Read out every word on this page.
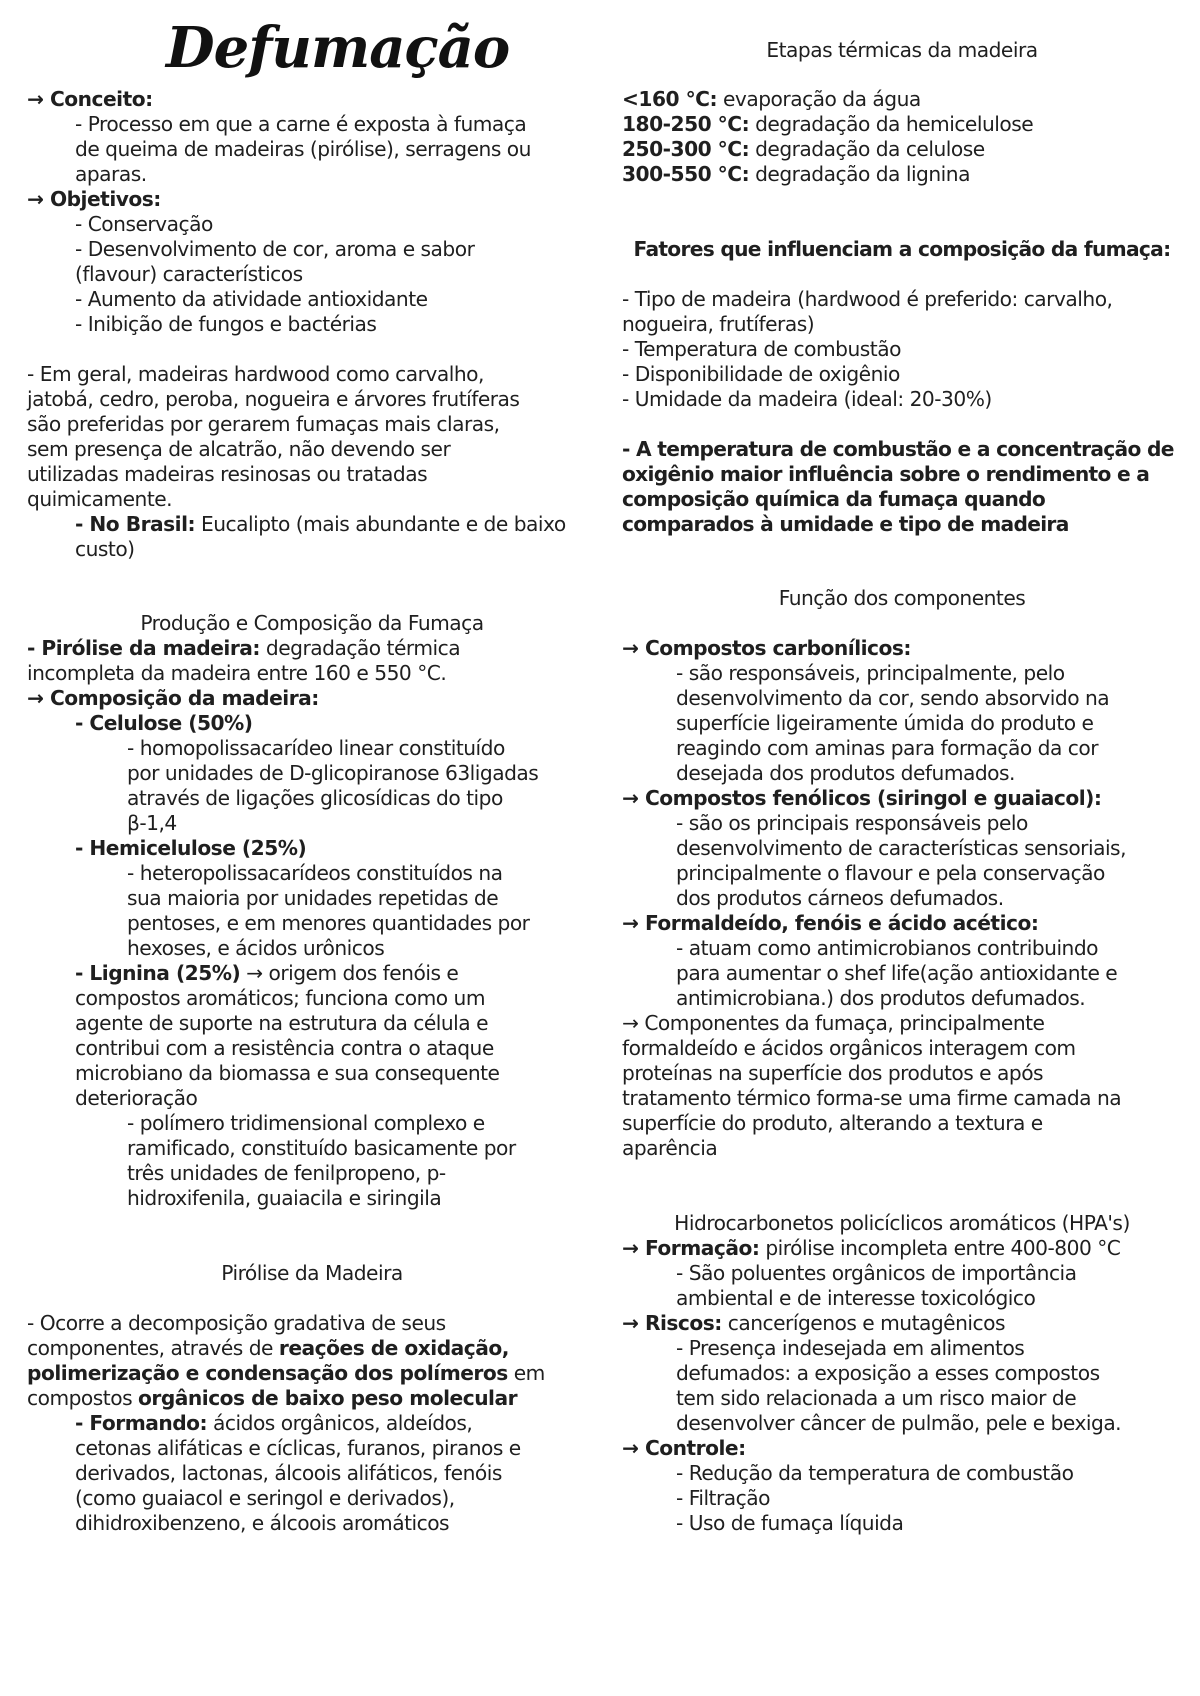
Defumação
→ Conceito:
- Processo em que a carne é exposta à fumaça
de queima de madeiras (pirólise), serragens ou
aparas.
→ Objetivos:
- Conservação
- Desenvolvimento de cor, aroma e sabor
(flavour) característicos
- Aumento da atividade antioxidante
- Inibição de fungos e bactérias
- Em geral, madeiras hardwood como carvalho,
jatobá, cedro, peroba, nogueira e árvores frutíferas
são preferidas por gerarem fumaças mais claras,
sem presença de alcatrão, não devendo ser
utilizadas madeiras resinosas ou tratadas
quimicamente.
- No Brasil: Eucalipto (mais abundante e de baixo
custo)
Produção e Composição da Fumaça
- Pirólise da madeira: degradação térmica
incompleta da madeira entre 160 e 550 °C.
→ Composição da madeira:
- Celulose (50%)
- homopolissacarídeo linear constituído
por unidades de D-glicopiranose 63ligadas
através de ligações glicosídicas do tipo
β-1,4
- Hemicelulose (25%)
- heteropolissacarídeos constituídos na
sua maioria por unidades repetidas de
pentoses, e em menores quantidades por
hexoses, e ácidos urônicos
- Lignina (25%) → origem dos fenóis e
compostos aromáticos; funciona como um
agente de suporte na estrutura da célula e
contribui com a resistência contra o ataque
microbiano da biomassa e sua consequente
deterioração
- polímero tridimensional complexo e
ramificado, constituído basicamente por
três unidades de fenilpropeno, p-
hidroxifenila, guaiacila e siringila
Pirólise da Madeira
- Ocorre a decomposição gradativa de seus
componentes, através de reações de oxidação,
polimerização e condensação dos polímeros em
compostos orgânicos de baixo peso molecular
- Formando: ácidos orgânicos, aldeídos,
cetonas alifáticas e cíclicas, furanos, piranos e
derivados, lactonas, álcoois alifáticos, fenóis
(como guaiacol e seringol e derivados),
dihidroxibenzeno, e álcoois aromáticos
Etapas térmicas da madeira
<160 °C: evaporação da água
180-250 °C: degradação da hemicelulose
250-300 °C: degradação da celulose
300-550 °C: degradação da lignina
Fatores que influenciam a composição da fumaça:
- Tipo de madeira (hardwood é preferido: carvalho,
nogueira, frutíferas)
- Temperatura de combustão
- Disponibilidade de oxigênio
- Umidade da madeira (ideal: 20-30%)
- A temperatura de combustão e a concentração de
oxigênio maior influência sobre o rendimento e a
composição química da fumaça quando
comparados à umidade e tipo de madeira
Função dos componentes
→ Compostos carbonílicos:
- são responsáveis, principalmente, pelo
desenvolvimento da cor, sendo absorvido na
superfície ligeiramente úmida do produto e
reagindo com aminas para formação da cor
desejada dos produtos defumados.
→ Compostos fenólicos (siringol e guaiacol):
- são os principais responsáveis pelo
desenvolvimento de características sensoriais,
principalmente o flavour e pela conservação
dos produtos cárneos defumados.
→ Formaldeído, fenóis e ácido acético:
- atuam como antimicrobianos contribuindo
para aumentar o shef life(ação antioxidante e
antimicrobiana.) dos produtos defumados.
→ Componentes da fumaça, principalmente
formaldeído e ácidos orgânicos interagem com
proteínas na superfície dos produtos e após
tratamento térmico forma-se uma firme camada na
superfície do produto, alterando a textura e
aparência
Hidrocarbonetos policíclicos aromáticos (HPA's)
→ Formação: pirólise incompleta entre 400-800 °C
- São poluentes orgânicos de importância
ambiental e de interesse toxicológico
→ Riscos: cancerígenos e mutagênicos
- Presença indesejada em alimentos
defumados: a exposição a esses compostos
tem sido relacionada a um risco maior de
desenvolver câncer de pulmão, pele e bexiga.
→ Controle:
- Redução da temperatura de combustão
- Filtração
- Uso de fumaça líquida
